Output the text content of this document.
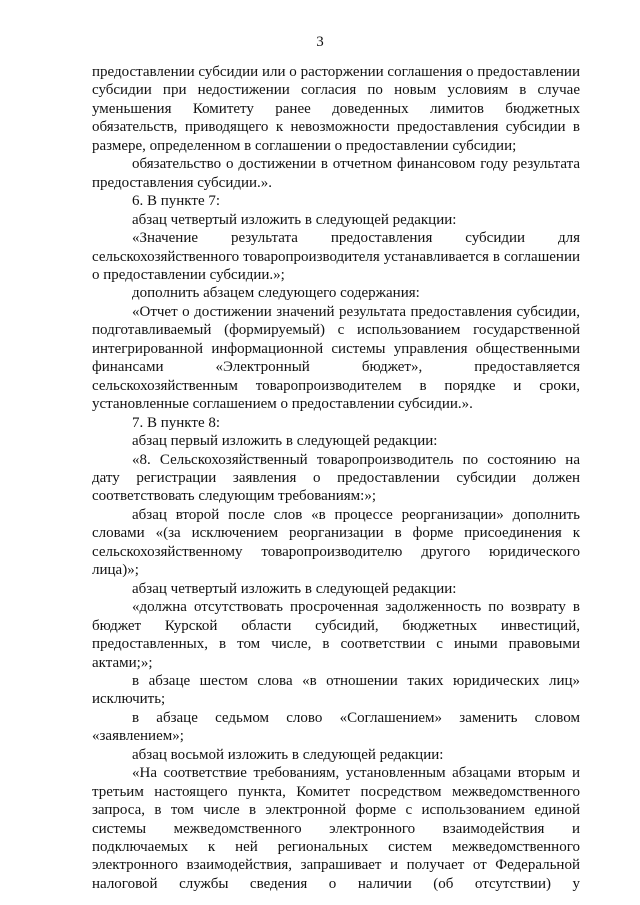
3

предоставлении субсидии или о расторжении соглашения о предоставлении субсидии при недостижении согласия по новым условиям в случае уменьшения Комитету ранее доведенных лимитов бюджетных обязательств, приводящего к невозможности предоставления субсидии в размере, определенном в соглашении о предоставлении субсидии;

обязательство о достижении в отчетном финансовом году результата предоставления субсидии.».

6. В пункте 7:

абзац четвертый изложить в следующей редакции:

«Значение результата предоставления субсидии для сельскохозяйственного товаропроизводителя устанавливается в соглашении о предоставлении субсидии.»;

дополнить абзацем следующего содержания:

«Отчет о достижении значений результата предоставления субсидии, подготавливаемый (формируемый) с использованием государственной интегрированной информационной системы управления общественными финансами «Электронный бюджет», предоставляется сельскохозяйственным товаропроизводителем в порядке и сроки, установленные соглашением о предоставлении субсидии.».

7. В пункте 8:

абзац первый изложить в следующей редакции:

«8. Сельскохозяйственный товаропроизводитель по состоянию на дату регистрации заявления о предоставлении субсидии должен соответствовать следующим требованиям:»;

абзац второй после слов «в процессе реорганизации» дополнить словами «(за исключением реорганизации в форме присоединения к сельскохозяйственному товаропроизводителю другого юридического лица)»;

абзац четвертый изложить в следующей редакции:

«должна отсутствовать просроченная задолженность по возврату в бюджет Курской области субсидий, бюджетных инвестиций, предоставленных, в том числе, в соответствии с иными правовыми актами;»;

в абзаце шестом слова «в отношении таких юридических лиц» исключить;

в абзаце седьмом слово «Соглашением» заменить словом «заявлением»;

абзац восьмой изложить в следующей редакции:

«На соответствие требованиям, установленным абзацами вторым и третьим настоящего пункта, Комитет посредством межведомственного запроса, в том числе в электронной форме с использованием единой системы межведомственного электронного взаимодействия и подключаемых к ней региональных систем межведомственного электронного взаимодействия, запрашивает и получает от Федеральной налоговой службы сведения о наличии (об отсутствии) у
